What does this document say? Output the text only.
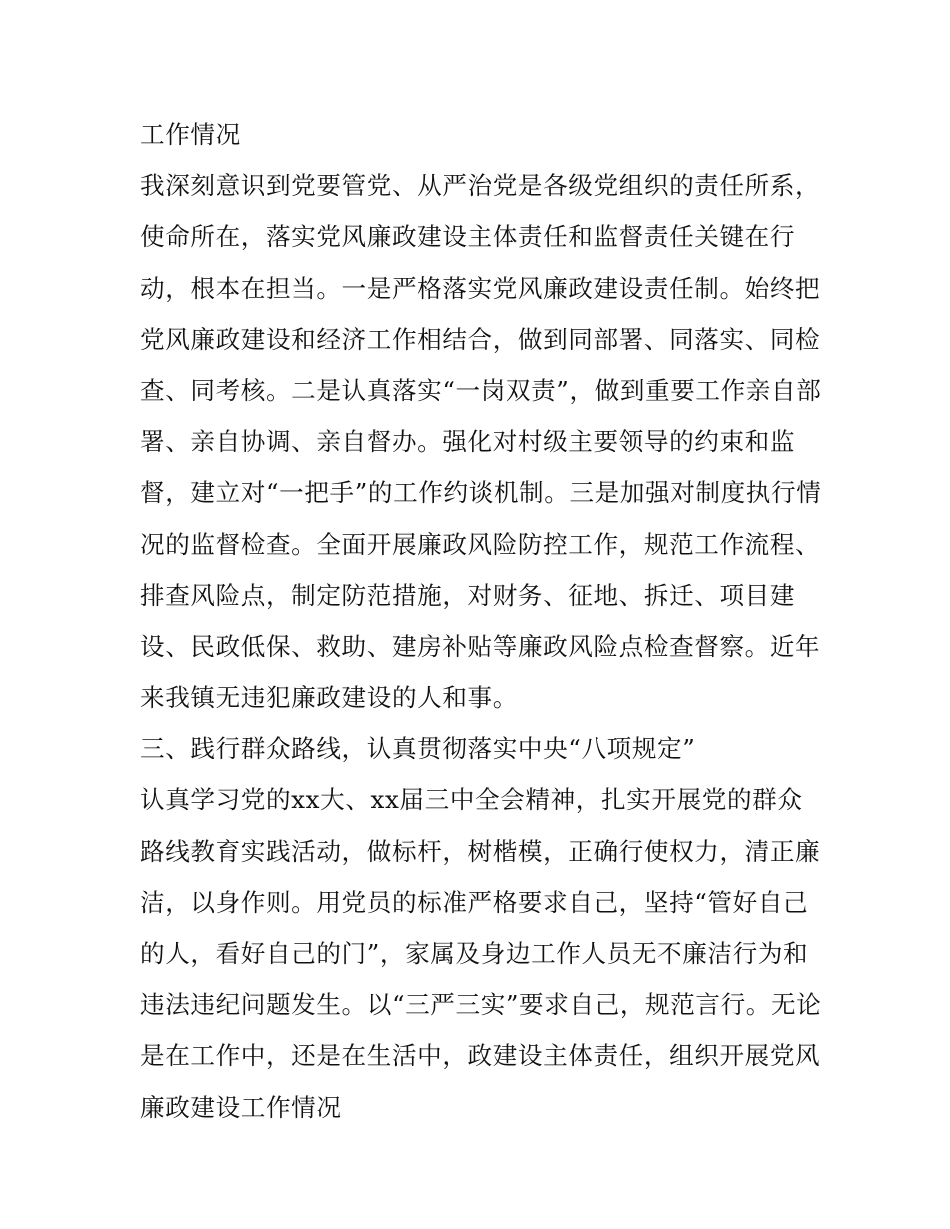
工作情况
我深刻意识到党要管党、从严治党是各级党组织的责任所系，
使命所在，落实党风廉政建设主体责任和监督责任关键在行
动，根本在担当。一是严格落实党风廉政建设责任制。始终把
党风廉政建设和经济工作相结合，做到同部署、同落实、同检
查、同考核。二是认真落实“一岗双责”，做到重要工作亲自部
署、亲自协调、亲自督办。强化对村级主要领导的约束和监
督，建立对“一把手”的工作约谈机制。三是加强对制度执行情
况的监督检查。全面开展廉政风险防控工作，规范工作流程、
排查风险点，制定防范措施，对财务、征地、拆迁、项目建
设、民政低保、救助、建房补贴等廉政风险点检查督察。近年
来我镇无违犯廉政建设的人和事。
三、践行群众路线，认真贯彻落实中央“八项规定”
认真学习党的xx大、xx届三中全会精神，扎实开展党的群众
路线教育实践活动，做标杆，树楷模，正确行使权力，清正廉
洁，以身作则。用党员的标准严格要求自己，坚持“管好自己
的人，看好自己的门”，家属及身边工作人员无不廉洁行为和
违法违纪问题发生。以“三严三实”要求自己，规范言行。无论
是在工作中，还是在生活中，政建设主体责任，组织开展党风
廉政建设工作情况
